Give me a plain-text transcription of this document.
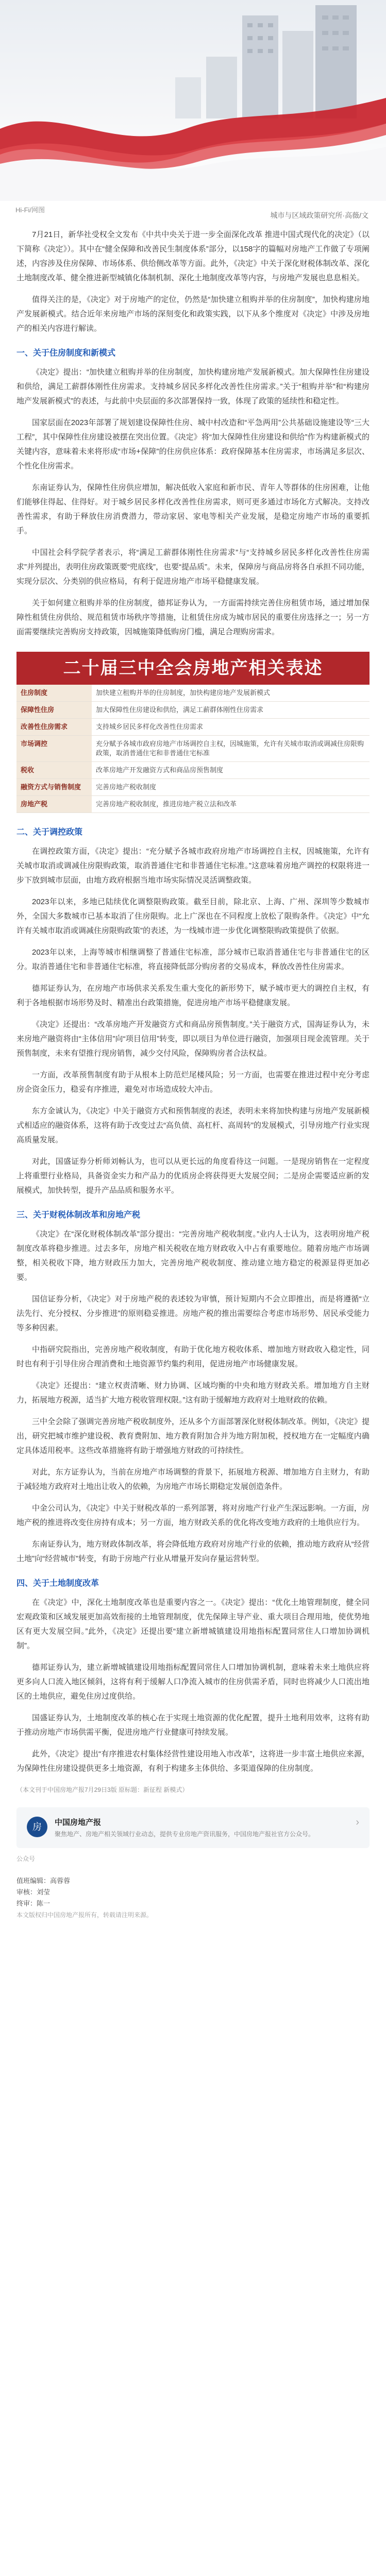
Hi-Fi/网图
城市与区域政策研究所·高薇/文

7月21日，新华社受权全文发布《中共中央关于进一步全面深化改革 推进中国式现代化的决定》（以下简称《决定》）。其中在“健全保障和改善民生制度体系”部分，以158字的篇幅对房地产工作做了专项阐述，内容涉及住房保障、市场体系、供给侧改革等方面。此外，《决定》中关于深化财税体制改革、深化土地制度改革、健全推进新型城镇化体制机制、深化土地制度改革等内容，与房地产发展也息息相关。

值得关注的是，《决定》对于房地产的定位，仍然是“加快建立租购并举的住房制度”，加快构建房地产发展新模式。结合近年来房地产市场的深刻变化和政策实践，以下从多个维度对《决定》中涉及房地产的相关内容进行解读。

一、关于住房制度和新模式

《决定》提出：“加快建立租购并举的住房制度，加快构建房地产发展新模式。加大保障性住房建设和供给，满足工薪群体刚性住房需求。支持城乡居民多样化改善性住房需求。”关于“租购并举”和“构建房地产发展新模式”的表述，与此前中央层面的多次部署保持一致，体现了政策的延续性和稳定性。

国家层面在2023年部署了规划建设保障性住房、城中村改造和“平急两用”公共基础设施建设等“三大工程”，其中保障性住房建设被摆在突出位置。《决定》将“加大保障性住房建设和供给”作为构建新模式的关键内容，意味着未来将形成“市场+保障”的住房供应体系：政府保障基本住房需求，市场满足多层次、个性化住房需求。

东南证券认为，保障性住房供应增加，解决低收入家庭和新市民、青年人等群体的住房困难，让他们能够住得起、住得好。对于城乡居民多样化改善性住房需求，则可更多通过市场化方式解决。支持改善性需求，有助于释放住房消费潜力，带动家居、家电等相关产业发展，是稳定房地产市场的重要抓手。

中国社会科学院学者表示，将“满足工薪群体刚性住房需求”与“支持城乡居民多样化改善性住房需求”并列提出，表明住房政策既要“兜底线”，也要“提品质”。未来，保障房与商品房将各自承担不同功能，实现分层次、分类别的供应格局，有利于促进房地产市场平稳健康发展。

关于如何建立租购并举的住房制度，德邦证券认为，一方面需持续完善住房租赁市场，通过增加保障性租赁住房供给、规范租赁市场秩序等措施，让租赁住房成为城市居民的重要住房选择之一；另一方面需要继续完善购房支持政策，因城施策降低购房门槛，满足合理购房需求。

二十届三中全会房地产相关表述
住房制度	加快建立租购并举的住房制度，加快构建房地产发展新模式
保障性住房	加大保障性住房建设和供给，满足工薪群体刚性住房需求
改善性住房需求	支持城乡居民多样化改善性住房需求
市场调控	充分赋予各城市政府房地产市场调控自主权，因城施策，允许有关城市取消或调减住房限购政策，取消普通住宅和非普通住宅标准
税收	改革房地产开发融资方式和商品房预售制度
融资方式与销售制度	完善房地产税收制度
房地产税	完善房地产税收制度，推进房地产税立法和改革
二、关于调控政策

在调控政策方面，《决定》提出：“充分赋予各城市政府房地产市场调控自主权，因城施策，允许有关城市取消或调减住房限购政策，取消普通住宅和非普通住宅标准。”这意味着房地产调控的权限将进一步下放到城市层面，由地方政府根据当地市场实际情况灵活调整政策。

2023年以来，多地已陆续优化调整限购政策。截至目前，除北京、上海、广州、深圳等少数城市外，全国大多数城市已基本取消了住房限购。北上广深也在不同程度上放松了限购条件。《决定》中“允许有关城市取消或调减住房限购政策”的表述，为一线城市进一步优化调整限购政策提供了依据。

2023年以来，上海等城市相继调整了普通住宅标准，部分城市已取消普通住宅与非普通住宅的区分。取消普通住宅和非普通住宅标准，将直接降低部分购房者的交易成本，释放改善性住房需求。

德邦证券认为，在房地产市场供求关系发生重大变化的新形势下，赋予城市更大的调控自主权，有利于各地根据市场形势及时、精准出台政策措施，促进房地产市场平稳健康发展。

《决定》还提出：“改革房地产开发融资方式和商品房预售制度。”关于融资方式，国海证券认为，未来房地产融资将由“主体信用”向“项目信用”转变，即以项目为单位进行融资，加强项目现金流管理。关于预售制度，未来有望推行现房销售，减少交付风险，保障购房者合法权益。

一方面，改革预售制度有助于从根本上防范烂尾楼风险；另一方面，也需要在推进过程中充分考虑房企资金压力，稳妥有序推进，避免对市场造成较大冲击。

东方金诚认为，《决定》中关于融资方式和预售制度的表述，表明未来将加快构建与房地产发展新模式相适应的融资体系，这将有助于改变过去“高负债、高杠杆、高周转”的发展模式，引导房地产行业实现高质量发展。

对此，国盛证券分析师刘畅认为，也可以从更长远的角度看待这一问题。一是现房销售在一定程度上将重塑行业格局，具备资金实力和产品力的优质房企将获得更大发展空间；二是房企需要适应新的发展模式，加快转型，提升产品品质和服务水平。

三、关于财税体制改革和房地产税

《决定》在“深化财税体制改革”部分提出：“完善房地产税收制度。”业内人士认为，这表明房地产税制度改革将稳步推进。过去多年，房地产相关税收在地方财政收入中占有重要地位。随着房地产市场调整，相关税收下降，地方财政压力加大，完善房地产税收制度、推动建立地方稳定的税源显得更加必要。

国信证券分析，《决定》对于房地产税的表述较为审慎，预计短期内不会立即推出，而是将遵循“立法先行、充分授权、分步推进”的原则稳妥推进。房地产税的推出需要综合考虑市场形势、居民承受能力等多种因素。

中指研究院指出，完善房地产税收制度，有助于优化地方税收体系、增加地方财政收入稳定性，同时也有利于引导住房合理消费和土地资源节约集约利用，促进房地产市场健康发展。

《决定》还提出：“建立权责清晰、财力协调、区域均衡的中央和地方财政关系。增加地方自主财力，拓展地方税源，适当扩大地方税收管理权限。”这有助于缓解地方政府对土地财政的依赖。

三中全会除了强调完善房地产税收制度外，还从多个方面部署深化财税体制改革。例如，《决定》提出，研究把城市维护建设税、教育费附加、地方教育附加合并为地方附加税，授权地方在一定幅度内确定具体适用税率。这些改革措施将有助于增强地方财政的可持续性。

对此，东方证券认为，当前在房地产市场调整的背景下，拓展地方税源、增加地方自主财力，有助于减轻地方政府对土地出让收入的依赖，为房地产市场长期稳定发展创造条件。

中金公司认为，《决定》中关于财税改革的一系列部署，将对房地产行业产生深远影响。一方面，房地产税的推进将改变住房持有成本；另一方面，地方财政关系的优化将改变地方政府的土地供应行为。

东南证券认为，地方财政体制改革，将会降低地方政府对房地产行业的依赖，推动地方政府从“经营土地”向“经营城市”转变，有助于房地产行业从增量开发向存量运营转型。

四、关于土地制度改革

在《决定》中，深化土地制度改革也是重要内容之一。《决定》提出：“优化土地管理制度，健全同宏观政策和区域发展更加高效衔接的土地管理制度，优先保障主导产业、重大项目合理用地，使优势地区有更大发展空间。”此外，《决定》还提出要“建立新增城镇建设用地指标配置同常住人口增加协调机制”。

德邦证券认为，建立新增城镇建设用地指标配置同常住人口增加协调机制，意味着未来土地供应将更多向人口流入地区倾斜，这将有利于缓解人口净流入城市的住房供需矛盾，同时也将减少人口流出地区的土地供应，避免住房过度供给。

国盛证券认为，土地制度改革的核心在于实现土地资源的优化配置，提升土地利用效率，这将有助于推动房地产市场供需平衡，促进房地产行业健康可持续发展。

此外，《决定》提出“有序推进农村集体经营性建设用地入市改革”，这将进一步丰富土地供应来源，为保障性住房建设提供更多土地资源，有利于构建多主体供给、多渠道保障的住房制度。

（本文刊于中国房地产报7月29日3版 原标题：新征程 新模式）
房	中国房地产报
聚焦地产、房地产相关领域行业动态，提供专业房地产资讯服务，中国房地产报社官方公众号。
›
公众号
值班编辑：高蓉蓉
审核：刘莹
终审：陈一
本文版权归中国房地产报所有，转载请注明来源。
